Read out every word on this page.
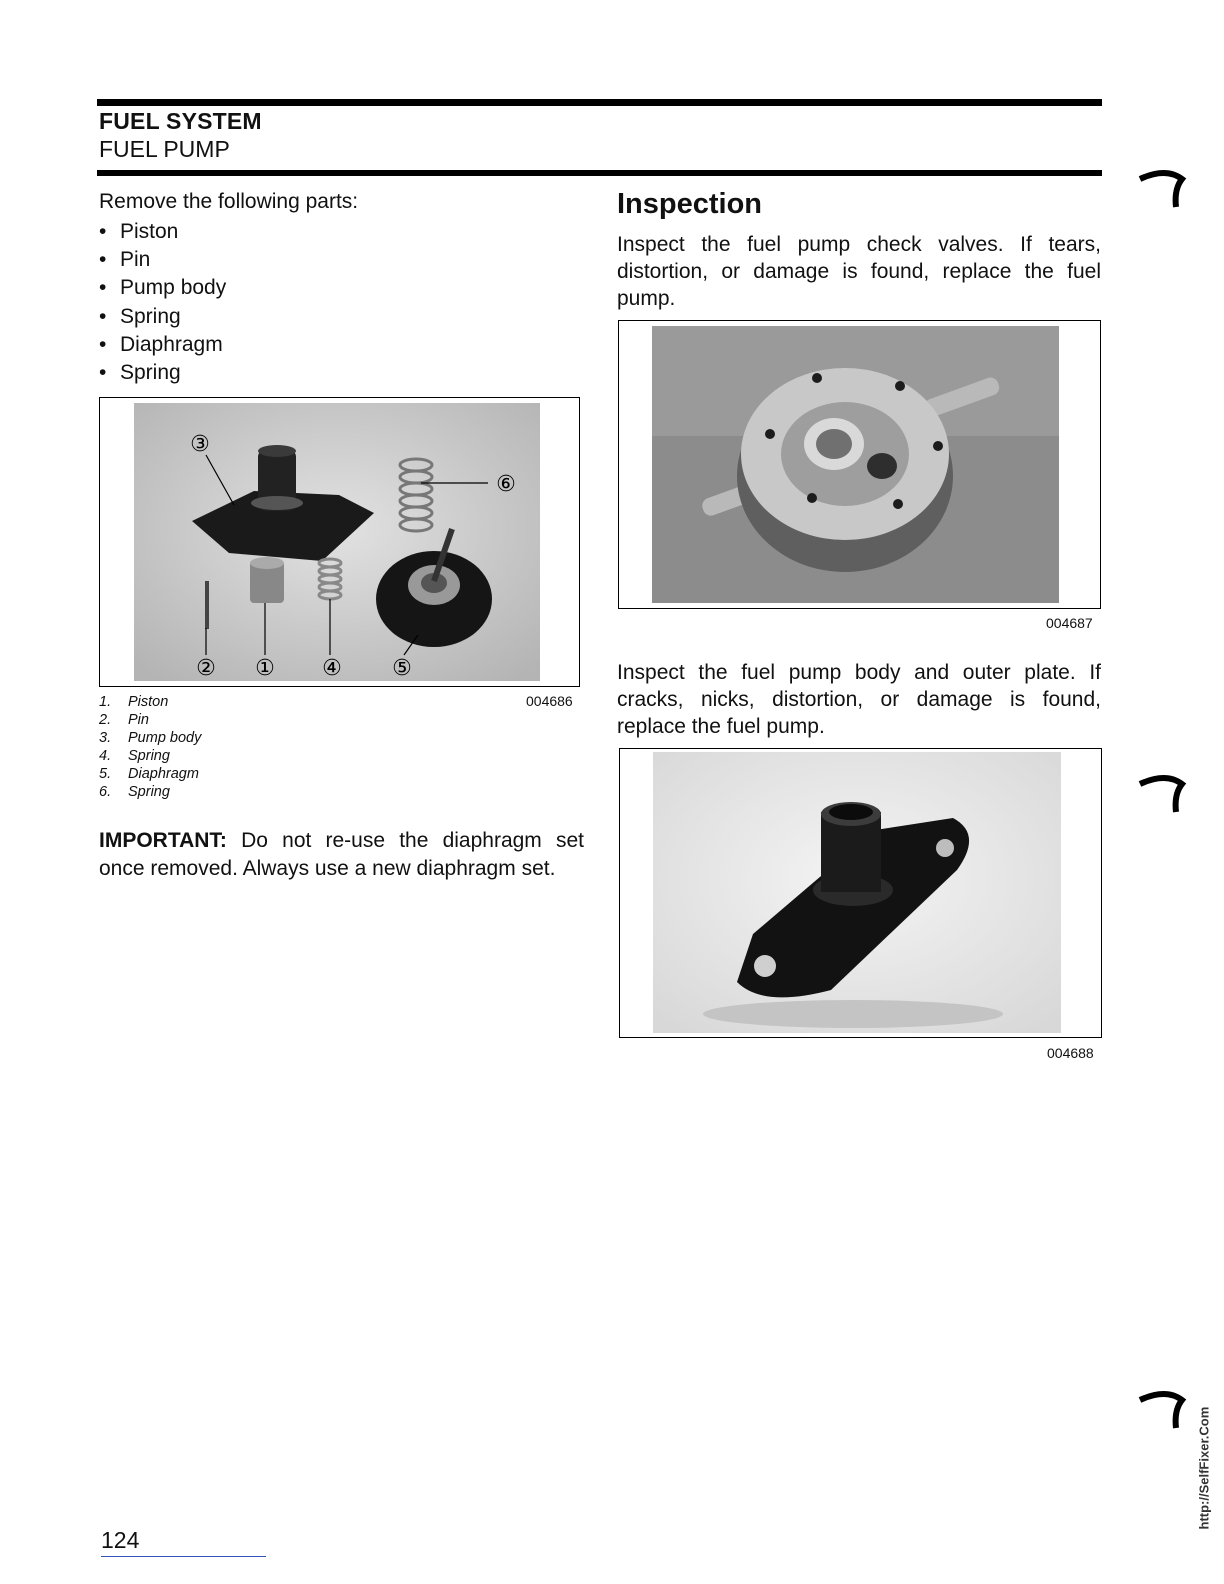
FUEL SYSTEM
FUEL PUMP

Remove the following parts:

• Piston
• Pin
• Pump body
• Spring
• Diaphragm
• Spring
③
⑥
② ① ④ ⑤
004686
1. Piston
2. Pin
3. Pump body
4. Spring
5. Diaphragm
6. Spring
IMPORTANT: Do not re-use the diaphragm set once removed. Always use a new diaphragm set.
Inspection
Inspect the fuel pump check valves. If tears, distortion, or damage is found, replace the fuel pump.
004687
Inspect the fuel pump body and outer plate. If cracks, nicks, distortion, or damage is found, replace the fuel pump.
004688
http://SelfFixer.Com
124
